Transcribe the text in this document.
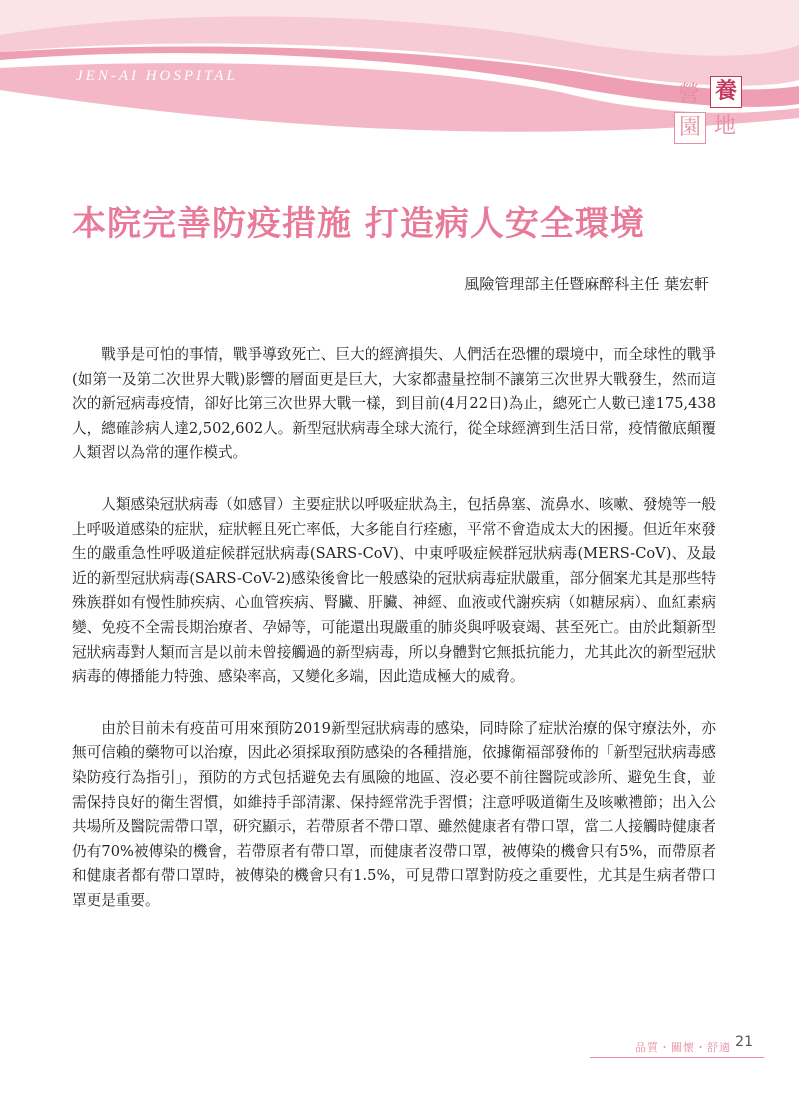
JEN-AI HOSPITAL
養
營
園 地
本院完善防疫措施 打造病人安全環境
風險管理部主任暨麻醉科主任 葉宏軒

戰爭是可怕的事情，戰爭導致死亡、巨大的經濟損失、人們活在恐懼的環境中，而全球性的戰爭(如第一及第二次世界大戰)影響的層面更是巨大，大家都盡量控制不讓第三次世界大戰發生，然而這次的新冠病毒疫情，卻好比第三次世界大戰一樣，到目前(4月22日)為止，總死亡人數已達175,438人，總確診病人達2,502,602人。新型冠狀病毒全球大流行，從全球經濟到生活日常，疫情徹底顛覆人類習以為常的運作模式。

人類感染冠狀病毒（如感冒）主要症狀以呼吸症狀為主，包括鼻塞、流鼻水、咳嗽、發燒等一般上呼吸道感染的症狀，症狀輕且死亡率低，大多能自行痊癒，平常不會造成太大的困擾。但近年來發生的嚴重急性呼吸道症候群冠狀病毒(SARS-CoV)、中東呼吸症候群冠狀病毒(MERS-CoV)、及最近的新型冠狀病毒(SARS-CoV-2)感染後會比一般感染的冠狀病毒症狀嚴重，部分個案尤其是那些特殊族群如有慢性肺疾病、心血管疾病、腎臟、肝臟、神經、血液或代謝疾病（如糖尿病）、血紅素病變、免疫不全需長期治療者、孕婦等，可能還出現嚴重的肺炎與呼吸衰竭、甚至死亡。由於此類新型冠狀病毒對人類而言是以前未曾接觸過的新型病毒，所以身體對它無抵抗能力，尤其此次的新型冠狀病毒的傳播能力特強、感染率高，又變化多端，因此造成極大的威脅。

由於目前未有疫苗可用來預防2019新型冠狀病毒的感染，同時除了症狀治療的保守療法外，亦無可信賴的藥物可以治療，因此必須採取預防感染的各種措施，依據衛福部發佈的「新型冠狀病毒感染防疫行為指引」，預防的方式包括避免去有風險的地區、沒必要不前往醫院或診所、避免生食，並需保持良好的衛生習慣，如維持手部清潔、保持經常洗手習慣；注意呼吸道衛生及咳嗽禮節；出入公共場所及醫院需帶口罩，研究顯示，若帶原者不帶口罩、雖然健康者有帶口罩，當二人接觸時健康者仍有70%被傳染的機會，若帶原者有帶口罩，而健康者沒帶口罩，被傳染的機會只有5%，而帶原者和健康者都有帶口罩時，被傳染的機會只有1.5%，可見帶口罩對防疫之重要性，尤其是生病者帶口罩更是重要。

品質・關懷・舒適 21
